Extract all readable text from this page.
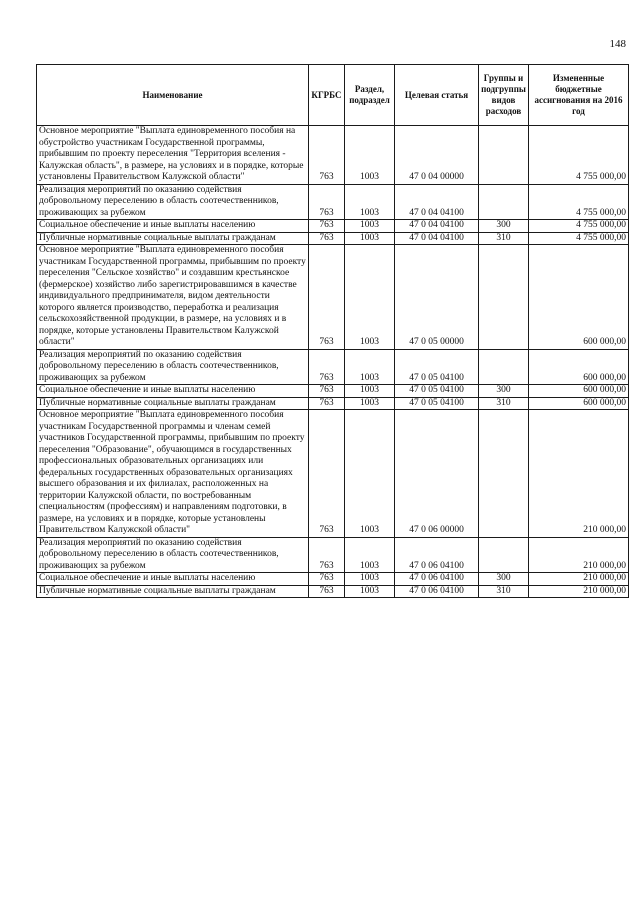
148
Наименование	КГРБС	Раздел, подраздел	Целевая статья	Группы и подгруппы видов расходов	Измененные бюджетные ассигнования на 2016 год
Основное мероприятие "Выплата единовременного пособия на обустройство участникам Государственной программы, прибывшим по проекту переселения "Территория вселения - Калужская область", в размере, на условиях и в порядке, которые установлены Правительством Калужской области"	763	1003	47 0 04 00000		4 755 000,00
Реализация мероприятий по оказанию содействия добровольному переселению в область соотечественников, проживающих за рубежом	763	1003	47 0 04 04100		4 755 000,00
Социальное обеспечение и иные выплаты населению	763	1003	47 0 04 04100	300	4 755 000,00
Публичные нормативные социальные выплаты гражданам	763	1003	47 0 04 04100	310	4 755 000,00
Основное мероприятие "Выплата единовременного пособия участникам Государственной программы, прибывшим по проекту переселения "Сельское хозяйство" и создавшим крестьянское (фермерское) хозяйство либо зарегистрировавшимся в качестве индивидуального предпринимателя, видом деятельности которого является производство, переработка и реализация сельскохозяйственной продукции, в размере, на условиях и в порядке, которые установлены Правительством Калужской области"	763	1003	47 0 05 00000		600 000,00
Реализация мероприятий по оказанию содействия добровольному переселению в область соотечественников, проживающих за рубежом	763	1003	47 0 05 04100		600 000,00
Социальное обеспечение и иные выплаты населению	763	1003	47 0 05 04100	300	600 000,00
Публичные нормативные социальные выплаты гражданам	763	1003	47 0 05 04100	310	600 000,00
Основное мероприятие "Выплата единовременного пособия участникам Государственной программы и членам семей участников Государственной программы, прибывшим по проекту переселения "Образование", обучающимся в государственных профессиональных образовательных организациях или федеральных государственных образовательных организациях высшего образования и их филиалах, расположенных на территории Калужской области, по востребованным специальностям (профессиям) и направлениям подготовки, в размере, на условиях и в порядке, которые установлены Правительством Калужской области"	763	1003	47 0 06 00000		210 000,00
Реализация мероприятий по оказанию содействия добровольному переселению в область соотечественников, проживающих за рубежом	763	1003	47 0 06 04100		210 000,00
Социальное обеспечение и иные выплаты населению	763	1003	47 0 06 04100	300	210 000,00
Публичные нормативные социальные выплаты гражданам	763	1003	47 0 06 04100	310	210 000,00
